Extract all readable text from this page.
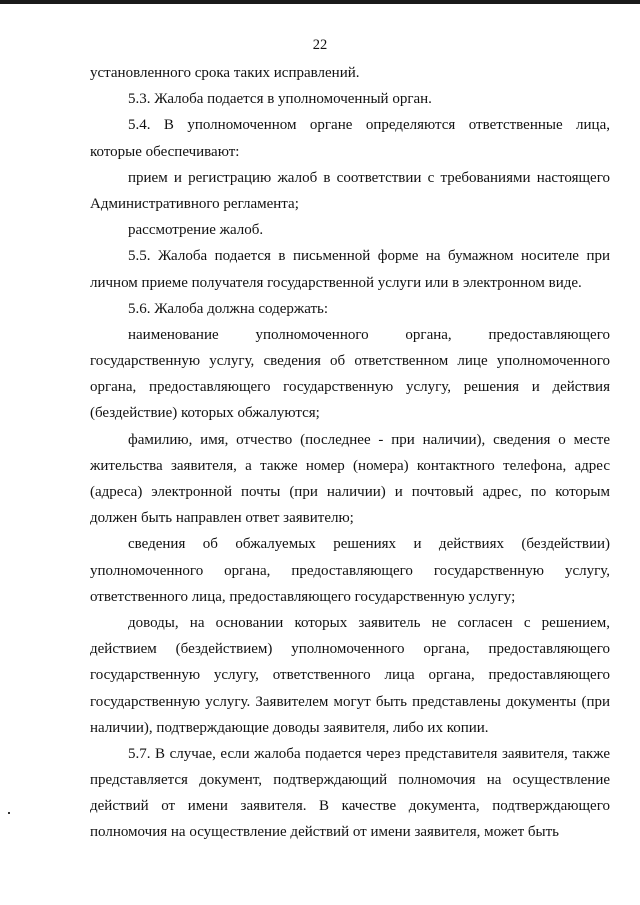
22
установленного срока таких исправлений.
5.3. Жалоба подается в уполномоченный орган.
5.4. В уполномоченном органе определяются ответственные лица,
которые обеспечивают:
прием и регистрацию жалоб в соответствии с требованиями настоящего
Административного регламента;
рассмотрение жалоб.
5.5. Жалоба подается в письменной форме на бумажном носителе при
личном приеме получателя государственной услуги или в электронном виде.
5.6. Жалоба должна содержать:
наименование уполномоченного органа, предоставляющего
государственную услугу, сведения об ответственном лице уполномоченного
органа, предоставляющего государственную услугу, решения и действия
(бездействие) которых обжалуются;
фамилию, имя, отчество (последнее - при наличии), сведения о месте
жительства заявителя, а также номер (номера) контактного телефона, адрес
(адреса) электронной почты (при наличии) и почтовый адрес, по которым
должен быть направлен ответ заявителю;
сведения об обжалуемых решениях и действиях (бездействии)
уполномоченного органа, предоставляющего государственную услугу,
ответственного лица, предоставляющего государственную услугу;
доводы, на основании которых заявитель не согласен с решением,
действием (бездействием) уполномоченного органа, предоставляющего
государственную услугу, ответственного лица органа, предоставляющего
государственную услугу. Заявителем могут быть представлены документы (при
наличии), подтверждающие доводы заявителя, либо их копии.
5.7. В случае, если жалоба подается через представителя заявителя, также
представляется документ, подтверждающий полномочия на осуществление
действий от имени заявителя. В качестве документа, подтверждающего
полномочия на осуществление действий от имени заявителя, может быть
